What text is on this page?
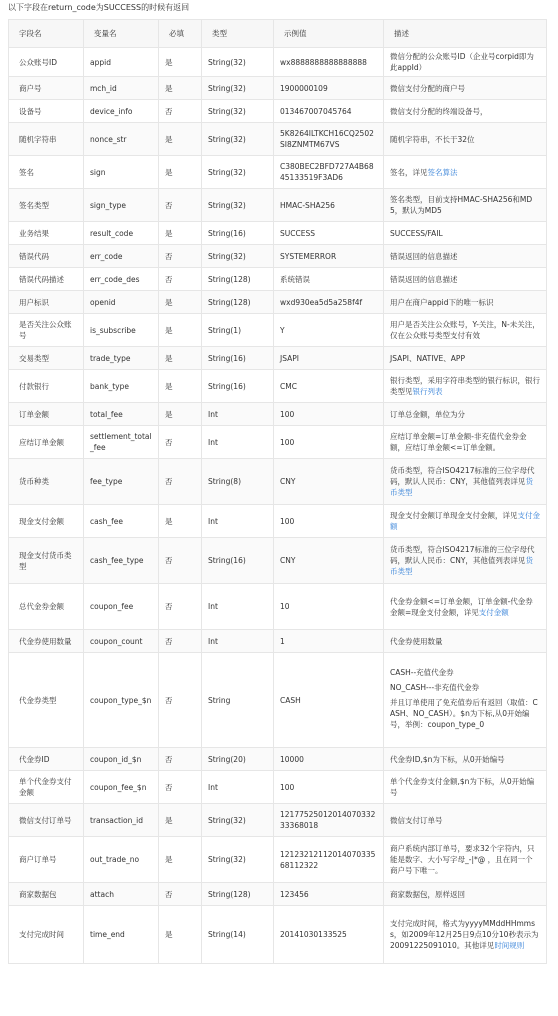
以下字段在return_code为SUCCESS的时候有返回
字段名	变量名	必填	类型	示例值	描述
公众账号ID	appid	是	String(32)	wx8888888888888888	微信分配的公众账号ID（企业号corpid即为此appId）
商户号	mch_id	是	String(32)	1900000109	微信支付分配的商户号
设备号	device_info	否	String(32)	013467007045764	微信支付分配的终端设备号，
随机字符串	nonce_str	是	String(32)	5K8264ILTKCH16CQ2502SI8ZNMTM67VS	随机字符串，不长于32位
签名	sign	是	String(32)	C380BEC2BFD727A4B6845133519F3AD6	签名，详见签名算法
签名类型	sign_type	否	String(32)	HMAC-SHA256	签名类型，目前支持HMAC-SHA256和MD5，默认为MD5
业务结果	result_code	是	String(16)	SUCCESS	SUCCESS/FAIL
错误代码	err_code	否	String(32)	SYSTEMERROR	错误返回的信息描述
错误代码描述	err_code_des	否	String(128)	系统错误	错误返回的信息描述
用户标识	openid	是	String(128)	wxd930ea5d5a258f4f	用户在商户appid下的唯一标识
是否关注公众账号	is_subscribe	是	String(1)	Y	用户是否关注公众账号，Y-关注，N-未关注，仅在公众账号类型支付有效
交易类型	trade_type	是	String(16)	JSAPI	JSAPI、NATIVE、APP
付款银行	bank_type	是	String(16)	CMC	银行类型，采用字符串类型的银行标识，银行类型见银行列表
订单金额	total_fee	是	Int	100	订单总金额，单位为分
应结订单金额	settlement_total_fee	否	Int	100	应结订单金额=订单金额-非充值代金券金额，应结订单金额<=订单金额。
货币种类	fee_type	否	String(8)	CNY	货币类型，符合ISO4217标准的三位字母代码，默认人民币：CNY，其他值列表详见货币类型
现金支付金额	cash_fee	是	Int	100	现金支付金额订单现金支付金额，详见支付金额
现金支付货币类型	cash_fee_type	否	String(16)	CNY	货币类型，符合ISO4217标准的三位字母代码，默认人民币：CNY，其他值列表详见货币类型
总代金券金额	coupon_fee	否	Int	10	代金券金额<=订单金额，订单金额-代金券金额=现金支付金额，详见支付金额
代金券使用数量	coupon_count	否	Int	1	代金券使用数量
代金券类型	coupon_type_$n	否	String	CASH	CASH--充值代金券
NO_CASH---非充值代金券
并且订单使用了免充值券后有返回（取值：CASH、NO_CASH）。$n为下标,从0开始编号，举例：coupon_type_0

代金券ID	coupon_id_$n	否	String(20)	10000	代金券ID,$n为下标，从0开始编号
单个代金券支付金额	coupon_fee_$n	否	Int	100	单个代金券支付金额,$n为下标，从0开始编号
微信支付订单号	transaction_id	是	String(32)	1217752501201407033233368018	微信支付订单号
商户订单号	out_trade_no	是	String(32)	1212321211201407033568112322	商户系统内部订单号，要求32个字符内，只能是数字、大小写字母_-|*@ ，且在同一个商户号下唯一。
商家数据包	attach	否	String(128)	123456	商家数据包，原样返回
支付完成时间	time_end	是	String(14)	20141030133525	支付完成时间，格式为yyyyMMddHHmmss，如2009年12月25日9点10分10秒表示为20091225091010。其他详见时间规则
